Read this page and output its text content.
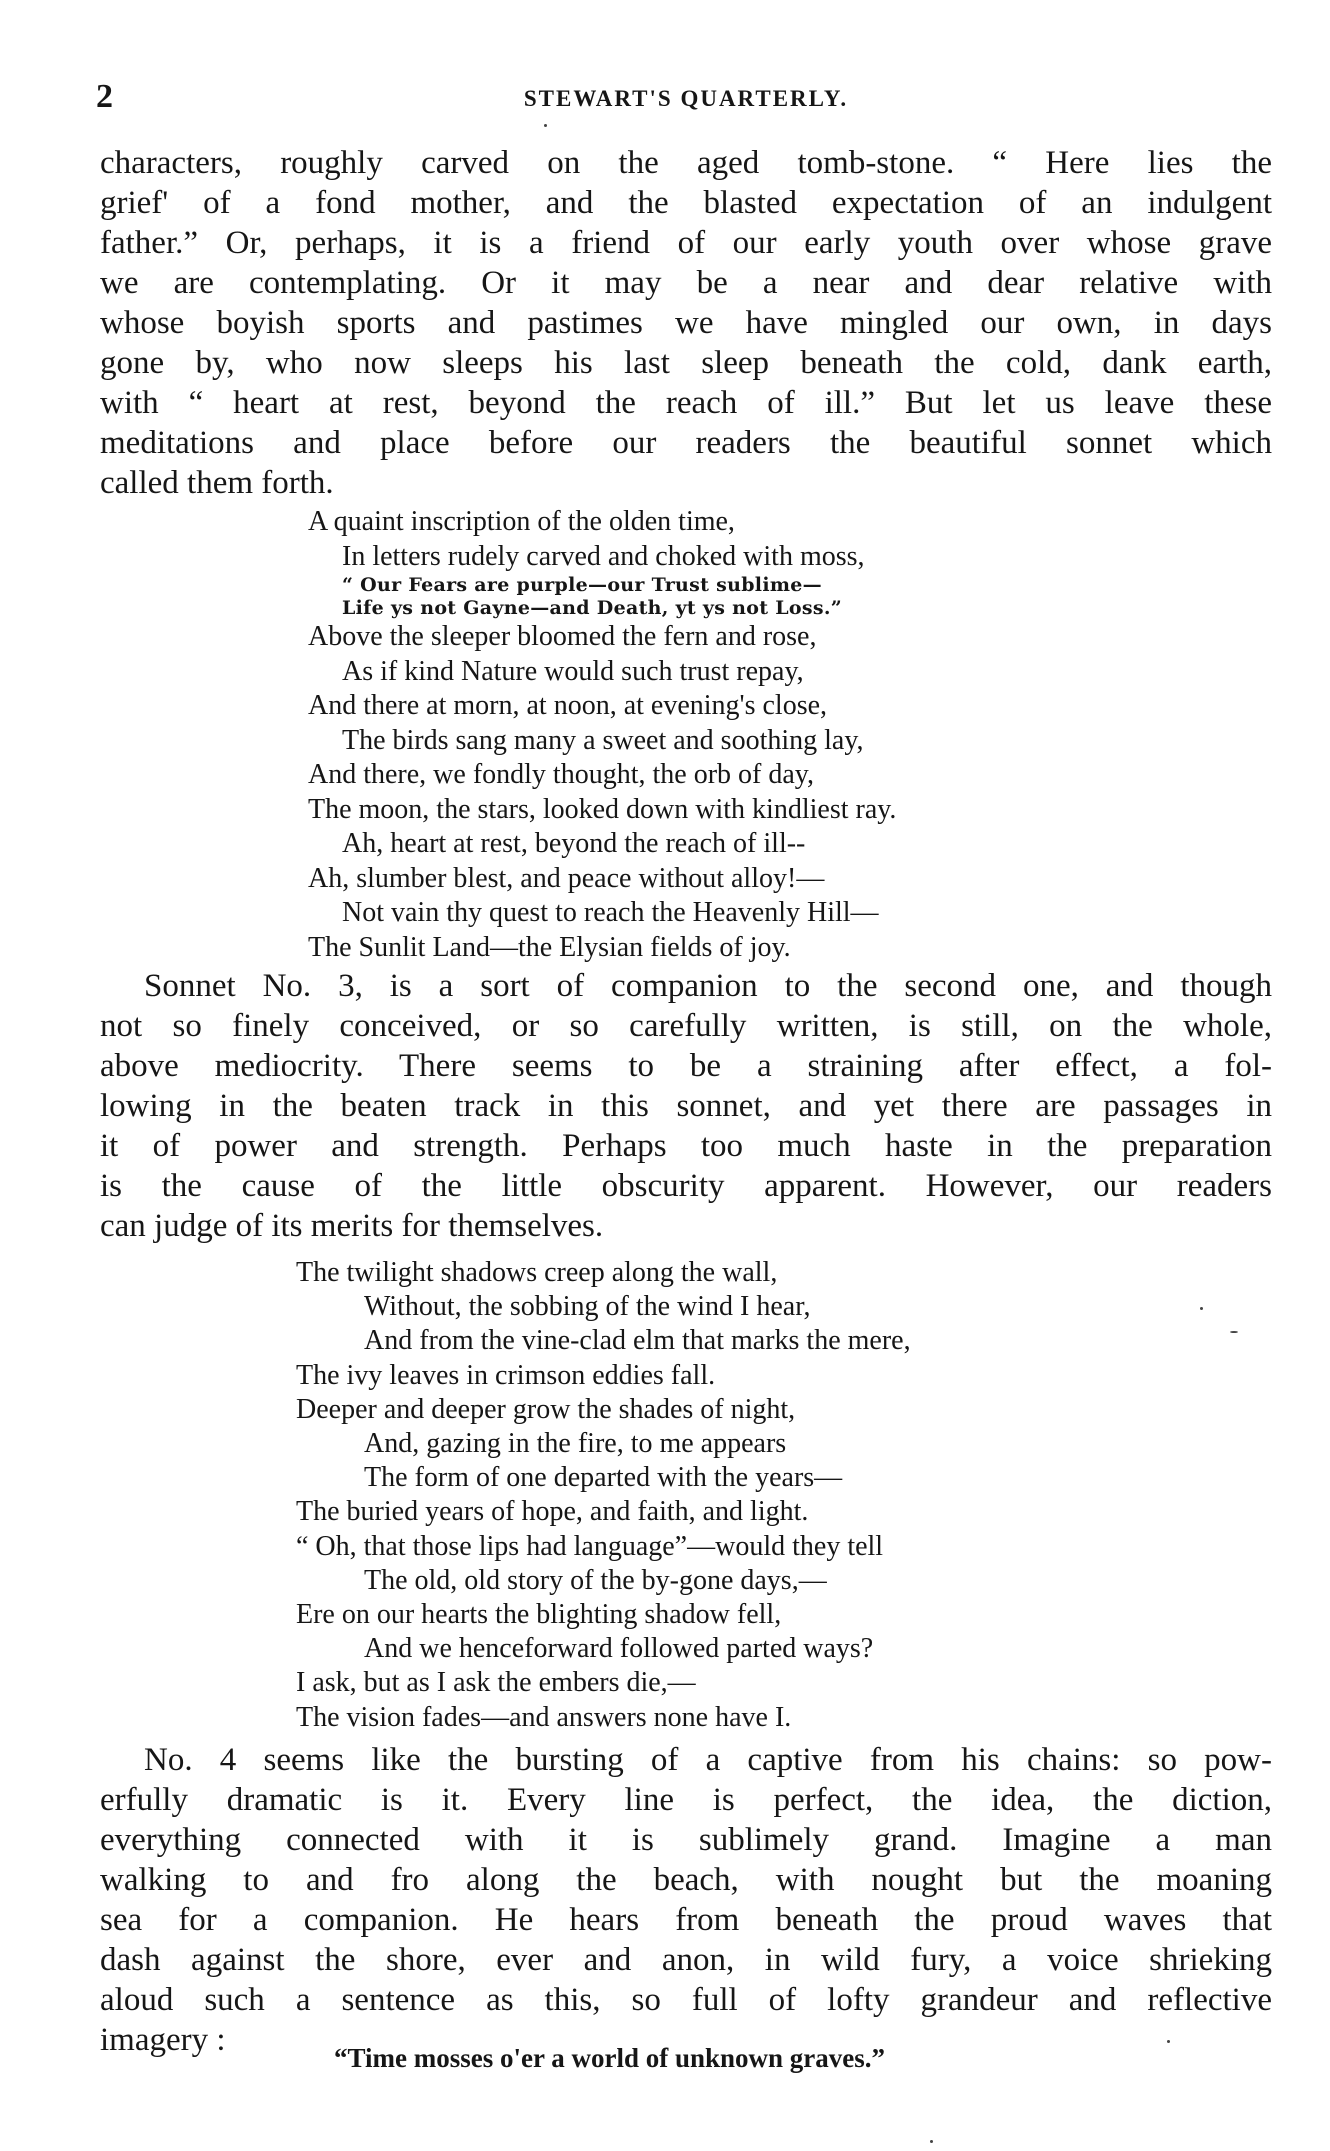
2	STEWART'S QUARTERLY.
characters, roughly carved on the aged tomb-stone. “ Here lies the
grief' of a fond mother, and the blasted expectation of an indulgent
father.” Or, perhaps, it is a friend of our early youth over whose grave
we are contemplating. Or it may be a near and dear relative with
whose boyish sports and pastimes we have mingled our own, in days
gone by, who now sleeps his last sleep beneath the cold, dank earth,
with “ heart at rest, beyond the reach of ill.” But let us leave these
meditations and place before our readers the beautiful sonnet which
called them forth.
A quaint inscription of the olden time,
In letters rudely carved and choked with moss,
“ Our Fears are purple—our Trust sublime—
Life ys not Gayne—and Death, yt ys not Loss.”
Above the sleeper bloomed the fern and rose,
As if kind Nature would such trust repay,
And there at morn, at noon, at evening's close,
The birds sang many a sweet and soothing lay,
And there, we fondly thought, the orb of day,
The moon, the stars, looked down with kindliest ray.
Ah, heart at rest, beyond the reach of ill--
Ah, slumber blest, and peace without alloy!—
Not vain thy quest to reach the Heavenly Hill—
The Sunlit Land—the Elysian fields of joy.
Sonnet No. 3, is a sort of companion to the second one, and though
not so finely conceived, or so carefully written, is still, on the whole,
above mediocrity. There seems to be a straining after effect, a fol-
lowing in the beaten track in this sonnet, and yet there are passages in
it of power and strength. Perhaps too much haste in the preparation
is the cause of the little obscurity apparent. However, our readers
can judge of its merits for themselves.
The twilight shadows creep along the wall,
Without, the sobbing of the wind I hear,
And from the vine-clad elm that marks the mere,
The ivy leaves in crimson eddies fall.
Deeper and deeper grow the shades of night,
And, gazing in the fire, to me appears
The form of one departed with the years—
The buried years of hope, and faith, and light.
“ Oh, that those lips had language”—would they tell
The old, old story of the by-gone days,—
Ere on our hearts the blighting shadow fell,
And we henceforward followed parted ways?
I ask, but as I ask the embers die,—
The vision fades—and answers none have I.
No. 4 seems like the bursting of a captive from his chains: so pow-
erfully dramatic is it. Every line is perfect, the idea, the diction,
everything connected with it is sublimely grand. Imagine a man
walking to and fro along the beach, with nought but the moaning
sea for a companion. He hears from beneath the proud waves that
dash against the shore, ever and anon, in wild fury, a voice shrieking
aloud such a sentence as this, so full of lofty grandeur and reflective
imagery :	“Time mosses o'er a world of unknown graves.”
